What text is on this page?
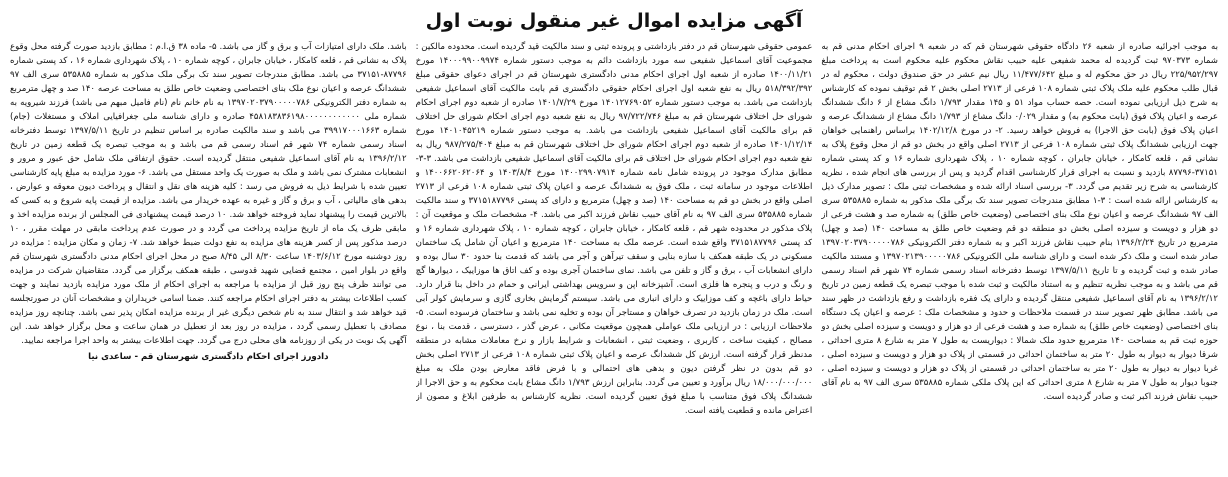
آگهی مزایده اموال غیر منقول نوبت اول

به موجب اجرائیه صادره از شعبه ۲۶ دادگاه حقوقی شهرستان قم که در شعبه ۹ اجرای احکام مدنی قم به شماره ۹۷۰۳۷۳ ثبت گردیده له محمد شفیعی علیه حبیب نقاش محکوم علیه محکوم است به پرداخت مبلغ ۲۲۵/۹۵۲/۲۹۷ ریال در حق محکوم له و مبلغ ۱۱/۴۷۷/۶۴۲ ریال نیم عشر در حق صندوق دولت ، محکوم له در قبال طلب محکوم علیه ملک پلاک ثبتی شماره ۱۰۸ فرعی از ۲۷۱۳ اصلی بخش ۲ قم توقیف نموده که کارشناس به شرح ذیل ارزیابی نموده است. حصه حساب مواد ۵۱ و ۱۴۵ مقدار ۱/۷۹۳ دانگ مشاع از ۶ دانگ ششدانگ عرصه و اعیان پلاک فوق (بابت محکوم به) و مقدار ۰/۰۲۹ دانگ مشاع از ۱/۷۹۳ دانگ مشاع از ششدانگ عرصه و اعیان پلاک فوق (بابت حق الاجرا) به فروش خواهد رسید. ۲- در مورخ ۱۴۰۲/۱۲/۸ براساس راهنمایی خواهان جهت ارزیابی ششدانگ پلاک ثبتی شماره ۱۰۸ فرعی از ۲۷۱۳ اصلی واقع در بخش دو قم از محل وقوع پلاک به نشانی قم ، قلعه کامکار ، خیابان جابران ، کوچه شماره ۱۰ ، پلاک شهرداری شماره ۱۶ و کد پستی شماره ۳۷۱۵۱-۸۷۷۹۶ بازدید و نسبت به اجرای قرار کارشناسی اقدام گردید و پس از بررسی های انجام شده ، نظریه کارشناسی به شرح زیر تقدیم می گردد. ۳- بررسی اسناد ارائه شده و مشخصات ثبتی ملک : تصویر مدارک ذیل به کارشناس ارائه شده است : ۳-۱ مطابق مندرجات تصویر سند تک برگی ملک مذکور به شماره ۵۳۵۸۸۵ سری الف ۹۷ ششدانگ عرصه و اعیان نوع ملک بنای اختصاصی (وضعیت خاص طلق) به شماره صد و هشت فرعی از دو هزار و دویست و سیزده اصلی بخش دو منطقه دو قم وضعیت خاص طلق به مساحت ۱۴۰ (صد و چهل) مترمربع در تاریخ ۱۳۹۶/۲/۲۴ بنام حبیب نقاش فرزند اکبر و به شماره دفتر الکترونیکی ۱۳۹۷۰۲۰۳۷۹۰۰۰۰۰۷۸۶ صادر شده است و ملک ذکر شده است و دارای شناسه ملی الکترونیکی ۱۳۹۷۰۲۱۳۹۰۰۰۰۰۷۸۶ و مستند مالکیت صادر شده و ثبت گردیده و تا تاریخ ۱۳۹۷/۵/۱۱ توسط دفترخانه اسناد رسمی شماره ۷۴ شهر قم اسناد رسمی قم می باشد و به موجب نظریه تنظیم و به استناد مالکیت و ثبت شده با موجب تبصره یک قطعه زمین در تاریخ ۱۳۹۶/۲/۱۲ به نام آقای اسماعیل شفیعی منتقل گردیده و دارای یک فقره بازداشت و رفع بازداشت در ظهر سند می باشد. مطابق ظهر تصویر سند در قسمت ملاحظات و حدود و مشخصات ملک : عرصه و اعیان یک دستگاه بنای اختصاصی (وضعیت خاص طلق) به شماره صد و هشت فرعی از دو هزار و دویست و سیزده اصلی بخش دو حوزه ثبت قم به مساحت ۱۴۰ مترمربع حدود ملک شمالا : دیواریست به طول ۷ متر به شارع ۸ متری احداثی ، شرقا دیوار به دیوار به طول ۲۰ متر به ساختمان احداثی در قسمتی از پلاک دو هزار و دویست و سیزده اصلی ، غربا دیوار به دیوار به طول ۲۰ متر به ساختمان احداثی در قسمتی از پلاک دو هزار و دویست و سیزده اصلی ، جنوبا دیوار به طول ۷ متر به شارع ۸ متری احداثی که این پلاک ملکی شماره ۵۳۵۸۸۵ سری الف ۹۷ به نام آقای حبیب نقاش فرزند اکبر ثبت و صادر گردیده است.

عمومی حقوقی شهرستان قم در دفتر بازداشتی و پرونده ثبتی و سند مالکیت قید گردیده است. محدوده مالکین : مجموعیت آقای اسماعیل شفیعی سه مورد بازداشت دائم به موجب دستور شماره ۱۴۰۰۰۹۹۰۰۹۹۷۴ مورخ ۱۴۰۰/۱۱/۲۱ صادره از شعبه اول اجرای احکام مدنی دادگستری شهرستان قم در اجرای دعوای حقوقی مبلغ ۵۱۸/۳۹۲/۳۹۲ ریال به نفع شعبه اول اجرای احکام حقوقی دادگستری قم بابت مالکیت آقای اسماعیل شفیعی بازداشت می باشد. به موجب دستور شماره ۱۴۰۱۲۷۶۹۰۵۲ مورخ ۱۴۰۱/۷/۲۹ صادره از شعبه دوم اجرای احکام شورای حل اختلاف شهرستان قم به مبلغ ۹۷/۷۲۲/۷۴۶ ریال به نفع شعبه دوم اجرای احکام شورای حل اختلاف قم برای مالکیت آقای اسماعیل شفیعی بازداشت می باشد. به موجب دستور شماره ۱۴۰۱۰۴۵۲۱۹ مورخ ۱۴۰۱/۱۲/۱۴ صادره از شعبه دوم اجرای احکام شورای حل اختلاف شهرستان قم به مبلغ ۹۸۷/۲۷۵/۴۰۴ ریال به نفع شعبه دوم اجرای احکام شورای حل اختلاف قم برای مالکیت آقای اسماعیل شفیعی بازداشت می باشد. ۳-۳- مطابق مدارک موجود در پرونده شامل نامه شماره ۱۴۰۰۲۹۹۰۷۹۱۴ مورخ ۱۴۰۳/۸/۴ و ۱۴۰۰۶۶۲۰۶۲۰۶۴ و اطلاعات موجود در سامانه ثبت ، ملک فوق به ششدانگ عرصه و اعیان پلاک ثبتی شماره ۱۰۸ فرعی از ۲۷۱۳ اصلی واقع در بخش دو قم به مساحت ۱۴۰ (صد و چهل) مترمربع و دارای کد پستی ۳۷۱۵۱۸۷۷۹۶ و سند مالکیت شماره ۵۳۵۸۸۵ سری الف ۹۷ به نام آقای حبیب نقاش فرزند اکبر می باشد. ۴- مشخصات ملک و موقعیت آن : پلاک مذکور در محدوده شهر قم ، قلعه کامکار ، خیابان جابران ، کوچه شماره ۱۰ ، پلاک شهرداری شماره ۱۶ و کد پستی ۳۷۱۵۱۸۷۷۹۶ واقع شده است. عرصه ملک به مساحت ۱۴۰ مترمربع و اعیان آن شامل یک ساختمان مسکونی در یک طبقه همکف با سازه بنایی و سقف تیرآهن و آجر می باشد که قدمت بنا حدود ۳۰ سال بوده و دارای انشعابات آب ، برق و گاز و تلفن می باشد. نمای ساختمان آجری بوده و کف اتاق ها موزاییک ، دیوارها گچ و رنگ و درب و پنجره ها فلزی است. آشپزخانه اپن و سرویس بهداشتی ایرانی و حمام در داخل بنا قرار دارد. حیاط دارای باغچه و کف موزاییک و دارای انباری می باشد. سیستم گرمایش بخاری گازی و سرمایش کولر آبی است. ملک در زمان بازدید در تصرف خواهان و مستاجر آن بوده و تخلیه نمی باشد و ساختمان فرسوده است. ۵- ملاحظات ارزیابی : در ارزیابی ملک عواملی همچون موقعیت مکانی ، عرض گذر ، دسترسی ، قدمت بنا ، نوع مصالح ، کیفیت ساخت ، کاربری ، وضعیت ثبتی ، انشعابات و شرایط بازار و نرخ معاملات مشابه در منطقه مدنظر قرار گرفته است. ارزش کل ششدانگ عرصه و اعیان پلاک ثبتی شماره ۱۰۸ فرعی از ۲۷۱۳ اصلی بخش دو قم بدون در نظر گرفتن دیون و بدهی های احتمالی و با فرض فاقد معارض بودن ملک به مبلغ ۱۸/۰۰۰/۰۰۰/۰۰۰ ریال برآورد و تعیین می گردد. بنابراین ارزش ۱/۷۹۳ دانگ مشاع بابت محکوم به و حق الاجرا از ششدانگ پلاک فوق متناسب با مبلغ فوق تعیین گردیده است. نظریه کارشناس به طرفین ابلاغ و مصون از اعتراض مانده و قطعیت یافته است.

باشد. ملک دارای امتیازات آب و برق و گاز می باشد. ۵- ماده ۳۸ ق.ا.م : مطابق بازدید صورت گرفته محل وقوع پلاک به نشانی قم ، قلعه کامکار ، خیابان جابران ، کوچه شماره ۱۰ ، پلاک شهرداری شماره ۱۶ ، کد پستی شماره ۸۷۷۹۶-۳۷۱۵۱ می باشد. مطابق مندرجات تصویر سند تک برگی ملک مذکور به شماره ۵۳۵۸۸۵ سری الف ۹۷ ششدانگ عرصه و اعیان نوع ملک بنای اختصاصی وضعیت خاص طلق به مساحت عرصه ۱۴۰ صد و چهل مترمربع به شماره دفتر الکترونیکی ۱۳۹۷۰۲۰۳۷۹۰۰۰۰۰۷۸۶ به نام خانم نام (نام فامیل مبهم می باشد) فرزند شیرویه به شماره ملی ۴۵۸۱۸۳۸۳۶۱۹۸۰۰۰۰۰۰۰۰۰۰۰۰ صادره و دارای شناسه ملی جغرافیایی املاک و مستغلات (جام) شماره ۳۹۹۱۷۰۰۰۱۶۶۳ می باشد و سند مالکیت صادره بر اساس تنظیم در تاریخ ۱۳۹۷/۵/۱۱ توسط دفترخانه اسناد رسمی شماره ۷۴ شهر قم اسناد رسمی قم می باشد و به موجب تبصره یک قطعه زمین در تاریخ ۱۳۹۶/۲/۱۲ به نام آقای اسماعیل شفیعی منتقل گردیده است. حقوق ارتفاقی ملک شامل حق عبور و مرور و انشعابات مشترک نمی باشد و ملک به صورت یک واحد مستقل می باشد. ۶- مورد مزایده به مبلغ پایه کارشناسی تعیین شده با شرایط ذیل به فروش می رسد : کلیه هزینه های نقل و انتقال و پرداخت دیون معوقه و عوارض ، بدهی های مالیاتی ، آب و برق و گاز و غیره به عهده خریدار می باشد. مزایده از قیمت پایه شروع و به کسی که بالاترین قیمت را پیشنهاد نماید فروخته خواهد شد. ۱۰ درصد قیمت پیشنهادی فی المجلس از برنده مزایده اخذ و مابقی ظرف یک ماه از تاریخ مزایده پرداخت می گردد و در صورت عدم پرداخت مابقی در مهلت مقرر ، ۱۰ درصد مذکور پس از کسر هزینه های مزایده به نفع دولت ضبط خواهد شد. ۷- زمان و مکان مزایده : مزایده در روز دوشنبه مورخ ۱۴۰۳/۶/۱۲ ساعت ۸/۳۰ الی ۸/۴۵ صبح در محل اجرای احکام مدنی دادگستری شهرستان قم واقع در بلوار امین ، مجتمع قضایی شهید قدوسی ، طبقه همکف برگزار می گردد. متقاضیان شرکت در مزایده می توانند ظرف پنج روز قبل از مزایده با مراجعه به اجرای احکام از ملک مورد مزایده بازدید نمایند و جهت کسب اطلاعات بیشتر به دفتر اجرای احکام مراجعه کنند. ضمنا اسامی خریداران و مشخصات آنان در صورتجلسه قید خواهد شد و انتقال سند به نام شخص دیگری غیر از برنده مزایده امکان پذیر نمی باشد. چنانچه روز مزایده مصادف با تعطیل رسمی گردد ، مزایده در روز بعد از تعطیل در همان ساعت و محل برگزار خواهد شد. این آگهی یک نوبت در یکی از روزنامه های محلی درج می گردد. جهت اطلاعات بیشتر به واحد اجرا مراجعه نمایید.

دادورز اجرای احکام دادگستری شهرستان قم - ساعدی نیا
